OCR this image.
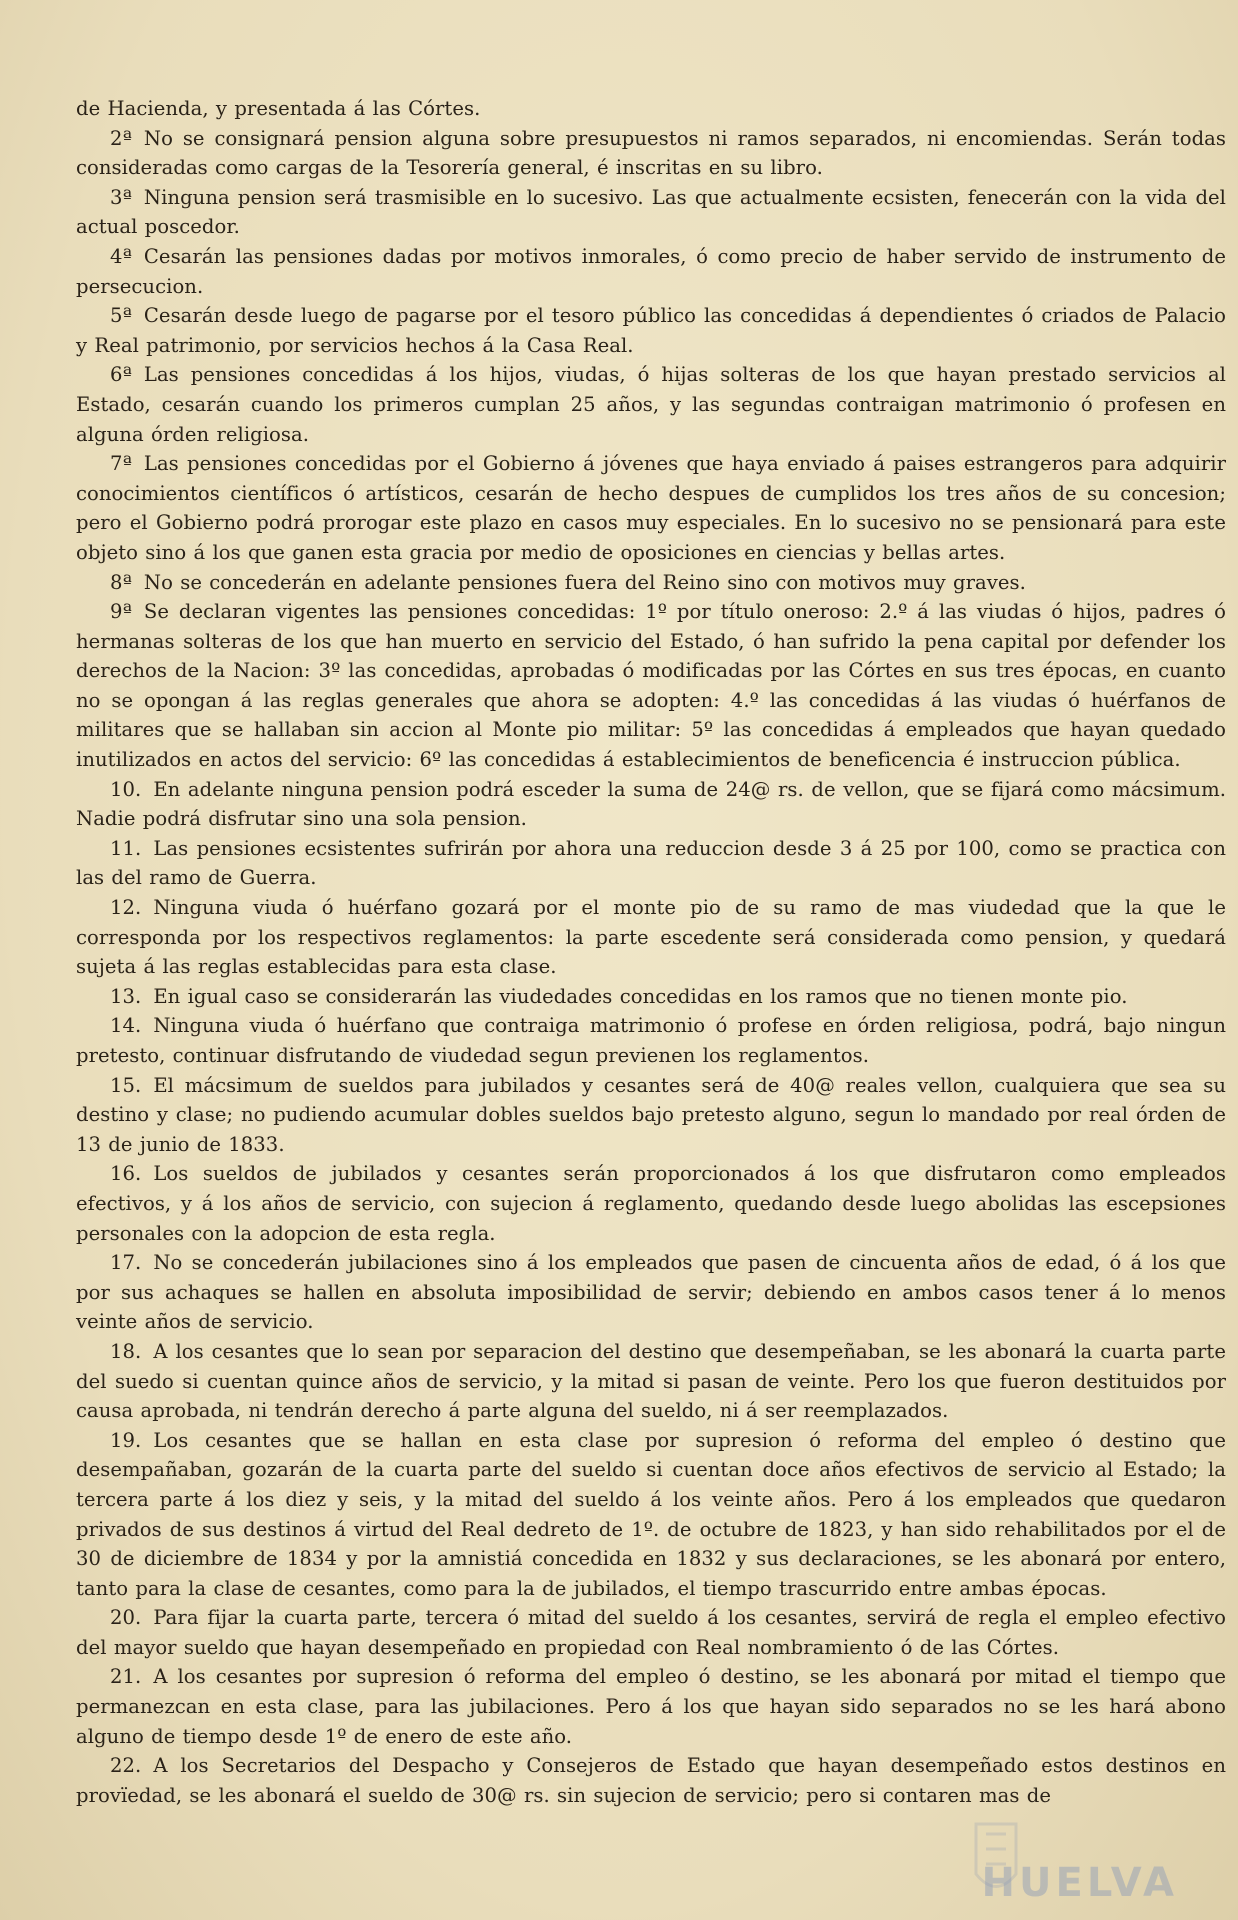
de Hacienda, y presentada á las Córtes.

2ª No se consignará pension alguna sobre presupuestos ni ramos separados, ni encomiendas. Serán todas consideradas como cargas de la Tesorería general, é inscritas en su libro.

3ª Ninguna pension será trasmisible en lo sucesivo. Las que actualmente ecsisten, fenecerán con la vida del actual poscedor.

4ª Cesarán las pensiones dadas por motivos inmorales, ó como precio de haber servido de instrumento de persecucion.

5ª Cesarán desde luego de pagarse por el tesoro público las concedidas á dependientes ó criados de Palacio y Real patrimonio, por servicios hechos á la Casa Real.

6ª Las pensiones concedidas á los hijos, viudas, ó hijas solteras de los que hayan prestado servicios al Estado, cesarán cuando los primeros cumplan 25 años, y las segundas contraigan matrimonio ó profesen en alguna órden religiosa.

7ª Las pensiones concedidas por el Gobierno á jóvenes que haya enviado á paises estrangeros para adquirir conocimientos científicos ó artísticos, cesarán de hecho despues de cumplidos los tres años de su concesion; pero el Gobierno podrá prorogar este plazo en casos muy especiales. En lo sucesivo no se pensionará para este objeto sino á los que ganen esta gracia por medio de oposiciones en ciencias y bellas artes.

8ª No se concederán en adelante pensiones fuera del Reino sino con motivos muy graves.

9ª Se declaran vigentes las pensiones concedidas: 1º por título oneroso: 2.º á las viudas ó hijos, padres ó hermanas solteras de los que han muerto en servicio del Estado, ó han sufrido la pena capital por defender los derechos de la Nacion: 3º las concedidas, aprobadas ó modificadas por las Córtes en sus tres épocas, en cuanto no se opongan á las reglas generales que ahora se adopten: 4.º las concedidas á las viudas ó huérfanos de militares que se hallaban sin accion al Monte pio militar: 5º las concedidas á empleados que hayan quedado inutilizados en actos del servicio: 6º las concedidas á establecimientos de beneficencia é instruccion pública.

10. En adelante ninguna pension podrá esceder la suma de 24@ rs. de vellon, que se fijará como mácsimum. Nadie podrá disfrutar sino una sola pension.

11. Las pensiones ecsistentes sufrirán por ahora una reduccion desde 3 á 25 por 100, como se practica con las del ramo de Guerra.

12. Ninguna viuda ó huérfano gozará por el monte pio de su ramo de mas viudedad que la que le corresponda por los respectivos reglamentos: la parte escedente será considerada como pension, y quedará sujeta á las reglas establecidas para esta clase.

13. En igual caso se considerarán las viudedades concedidas en los ramos que no tienen monte pio.

14. Ninguna viuda ó huérfano que contraiga matrimonio ó profese en órden religiosa, podrá, bajo ningun pretesto, continuar disfrutando de viudedad segun previenen los reglamentos.

15. El mácsimum de sueldos para jubilados y cesantes será de 40@ reales vellon, cualquiera que sea su destino y clase; no pudiendo acumular dobles sueldos bajo pretesto alguno, segun lo mandado por real órden de 13 de junio de 1833.

16. Los sueldos de jubilados y cesantes serán proporcionados á los que disfrutaron como empleados efectivos, y á los años de servicio, con sujecion á reglamento, quedando desde luego abolidas las escepsiones personales con la adopcion de esta regla.

17. No se concederán jubilaciones sino á los empleados que pasen de cincuenta años de edad, ó á los que por sus achaques se hallen en absoluta imposibilidad de servir; debiendo en ambos casos tener á lo menos veinte años de servicio.

18. A los cesantes que lo sean por separacion del destino que desempeñaban, se les abonará la cuarta parte del suedo si cuentan quince años de servicio, y la mitad si pasan de veinte. Pero los que fueron destituidos por causa aprobada, ni tendrán derecho á parte alguna del sueldo, ni á ser reemplazados.

19. Los cesantes que se hallan en esta clase por supresion ó reforma del empleo ó destino que desempañaban, gozarán de la cuarta parte del sueldo si cuentan doce años efectivos de servicio al Estado; la tercera parte á los diez y seis, y la mitad del sueldo á los veinte años. Pero á los empleados que quedaron privados de sus destinos á virtud del Real dedreto de 1º. de octubre de 1823, y han sido rehabilitados por el de 30 de diciembre de 1834 y por la amnistiá concedida en 1832 y sus declaraciones, se les abonará por entero, tanto para la clase de cesantes, como para la de jubilados, el tiempo trascurrido entre ambas épocas.

20. Para fijar la cuarta parte, tercera ó mitad del sueldo á los cesantes, servirá de regla el empleo efectivo del mayor sueldo que hayan desempeñado en propiedad con Real nombramiento ó de las Córtes.

21. A los cesantes por supresion ó reforma del empleo ó destino, se les abonará por mitad el tiempo que permanezcan en esta clase, para las jubilaciones. Pero á los que hayan sido separados no se les hará abono alguno de tiempo desde 1º de enero de este año.

22. A los Secretarios del Despacho y Consejeros de Estado que hayan desempeñado estos destinos en provïedad, se les abonará el sueldo de 30@ rs. sin sujecion de servicio; pero si contaren mas de

HUELVA
